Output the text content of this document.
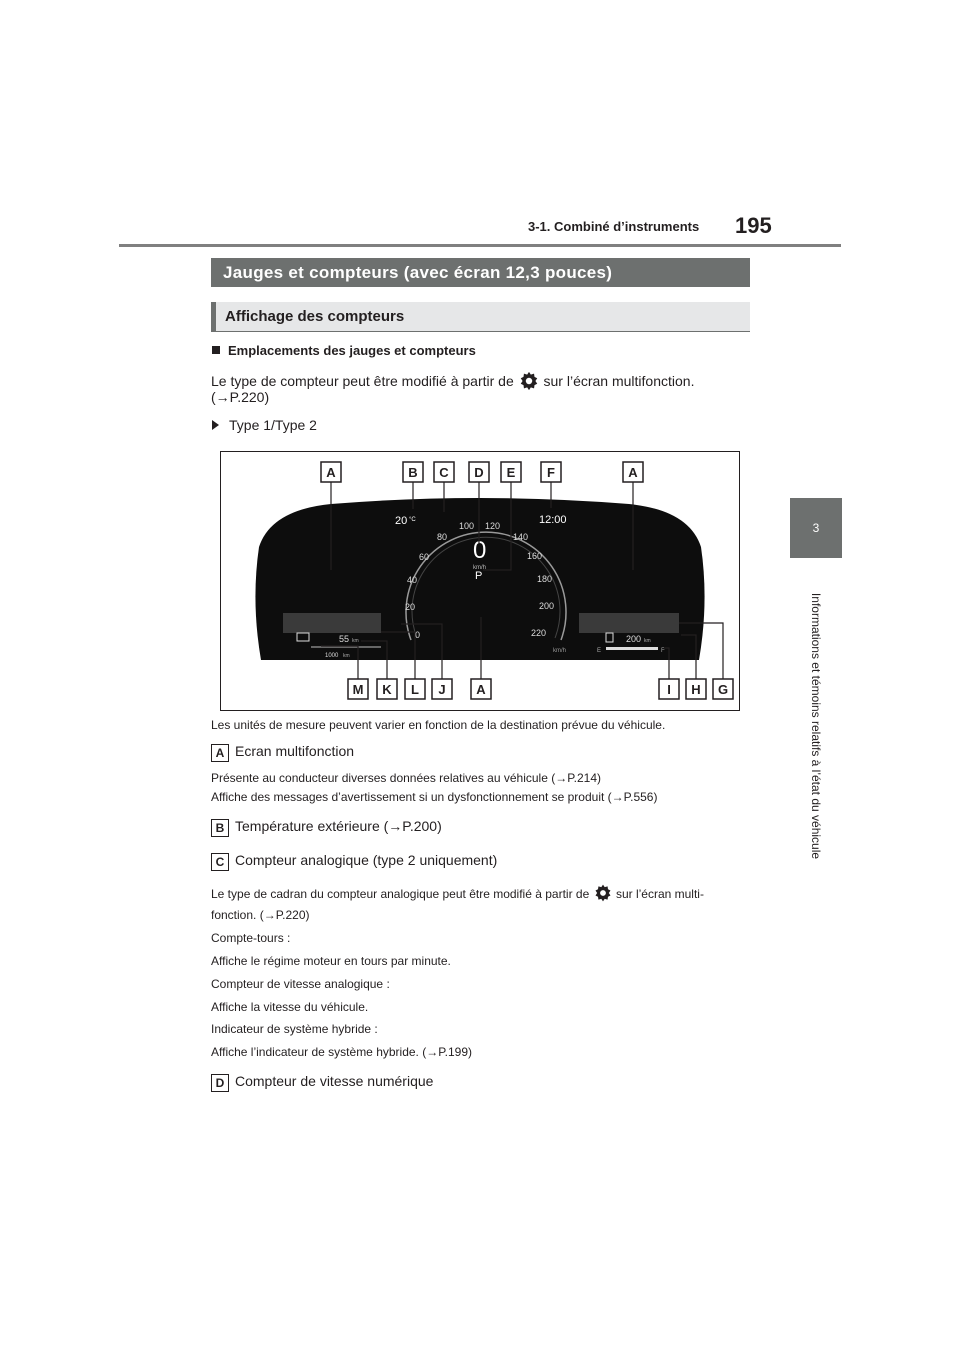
3-1. Combiné d’instruments 195
3
Informations et témoins relatifs à l’état du véhicule
Jauges et compteurs (avec écran 12,3 pouces)
Affichage des compteurs
Emplacements des jauges et compteurs
Le type de compteur peut être modifié à partir de sur l’écran multifonction.
(→P.220)
Type 1/Type 2
0
20
40
60
80
100 120
140
160
180
200
220
km/h
0
km/h
P
20 °C	12:00
55 km
1000 km
200 km
E	F
A	B C D E F	A
M K L J A	I H G
Les unités de mesure peuvent varier en fonction de la destination prévue du véhicule.
A Ecran multifonction
Présente au conducteur diverses données relatives au véhicule (→P.214)
Affiche des messages d’avertissement si un dysfonctionnement se produit (→P.556)
B Température extérieure (→P.200)
C Compteur analogique (type 2 uniquement)
Le type de cadran du compteur analogique peut être modifié à partir de sur l’écran multi-
fonction. (→P.220)
Compte-tours :
Affiche le régime moteur en tours par minute.
Compteur de vitesse analogique :
Affiche la vitesse du véhicule.
Indicateur de système hybride :
Affiche l’indicateur de système hybride. (→P.199)
D Compteur de vitesse numérique
